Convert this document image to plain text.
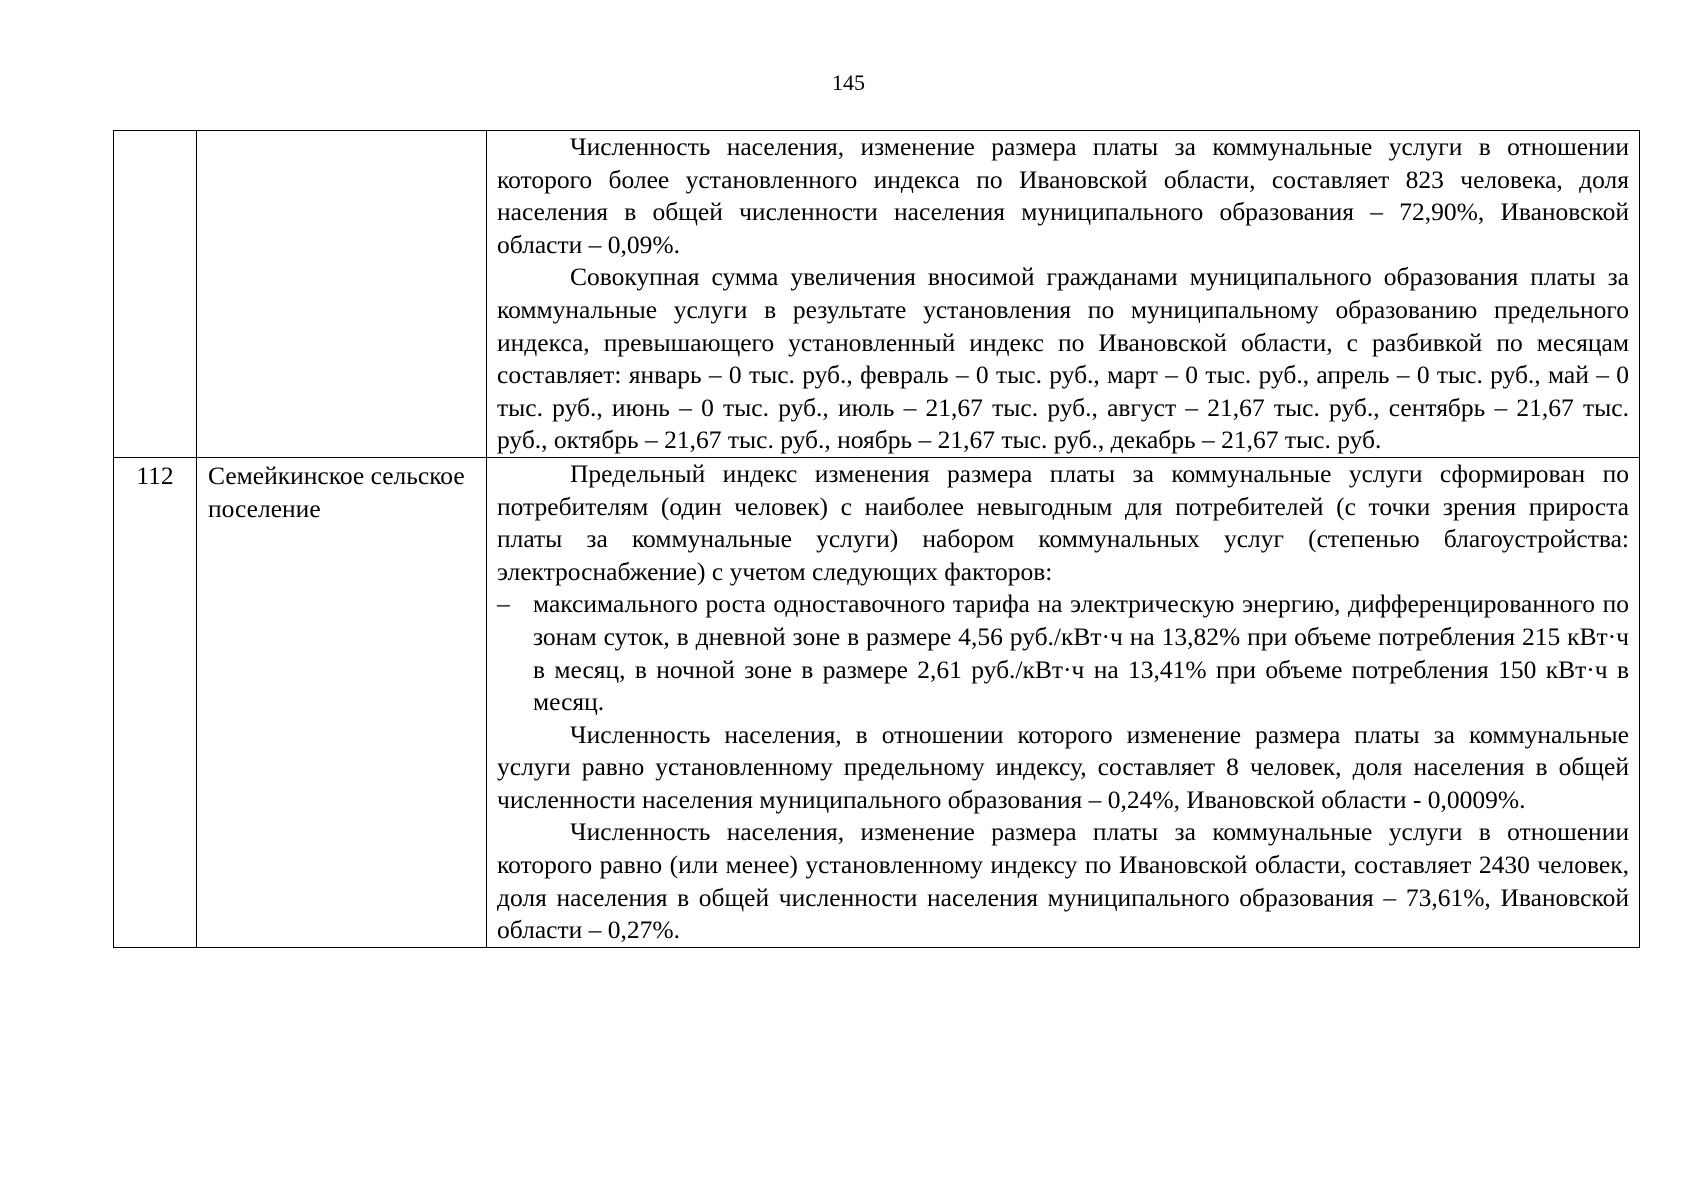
145

		Численность населения, изменение размера платы за коммунальные услуги в отношении которого более установленного индекса по Ивановской области, составляет 823 человека, доля населения в общей численности населения муниципального образования – 72,90%, Ивановской области – 0,09%.

Совокупная сумма увеличения вносимой гражданами муниципального образования платы за коммунальные услуги в результате установления по муниципальному образованию предельного индекса, превышающего установленный индекс по Ивановской области, с разбивкой по месяцам составляет: январь – 0 тыс. руб., февраль – 0 тыс. руб., март – 0 тыс. руб., апрель – 0 тыс. руб., май – 0 тыс. руб., июнь – 0 тыс. руб., июль – 21,67 тыс. руб., август – 21,67 тыс. руб., сентябрь – 21,67 тыс. руб., октябрь – 21,67 тыс. руб., ноябрь – 21,67 тыс. руб., декабрь – 21,67 тыс. руб.

112	Семейкинское сельское поселение	Предельный индекс изменения размера платы за коммунальные услуги сформирован по потребителям (один человек) с наиболее невыгодным для потребителей (с точки зрения прироста платы за коммунальные услуги) набором коммунальных услуг (степенью благоустройства: электроснабжение) с учетом следующих факторов:

– максимального роста одноставочного тарифа на электрическую энергию, дифференцированного по зонам суток, в дневной зоне в размере 4,56 руб./кВт·ч на 13,82% при объеме потребления 215 кВт·ч в месяц, в ночной зоне в размере 2,61 руб./кВт·ч на 13,41% при объеме потребления 150 кВт·ч в месяц.

Численность населения, в отношении которого изменение размера платы за коммунальные услуги равно установленному предельному индексу, составляет 8 человек, доля населения в общей численности населения муниципального образования – 0,24%, Ивановской области - 0,0009%.

Численность населения, изменение размера платы за коммунальные услуги в отношении которого равно (или менее) установленному индексу по Ивановской области, составляет 2430 человек, доля населения в общей численности населения муниципального образования – 73,61%, Ивановской области – 0,27%.
